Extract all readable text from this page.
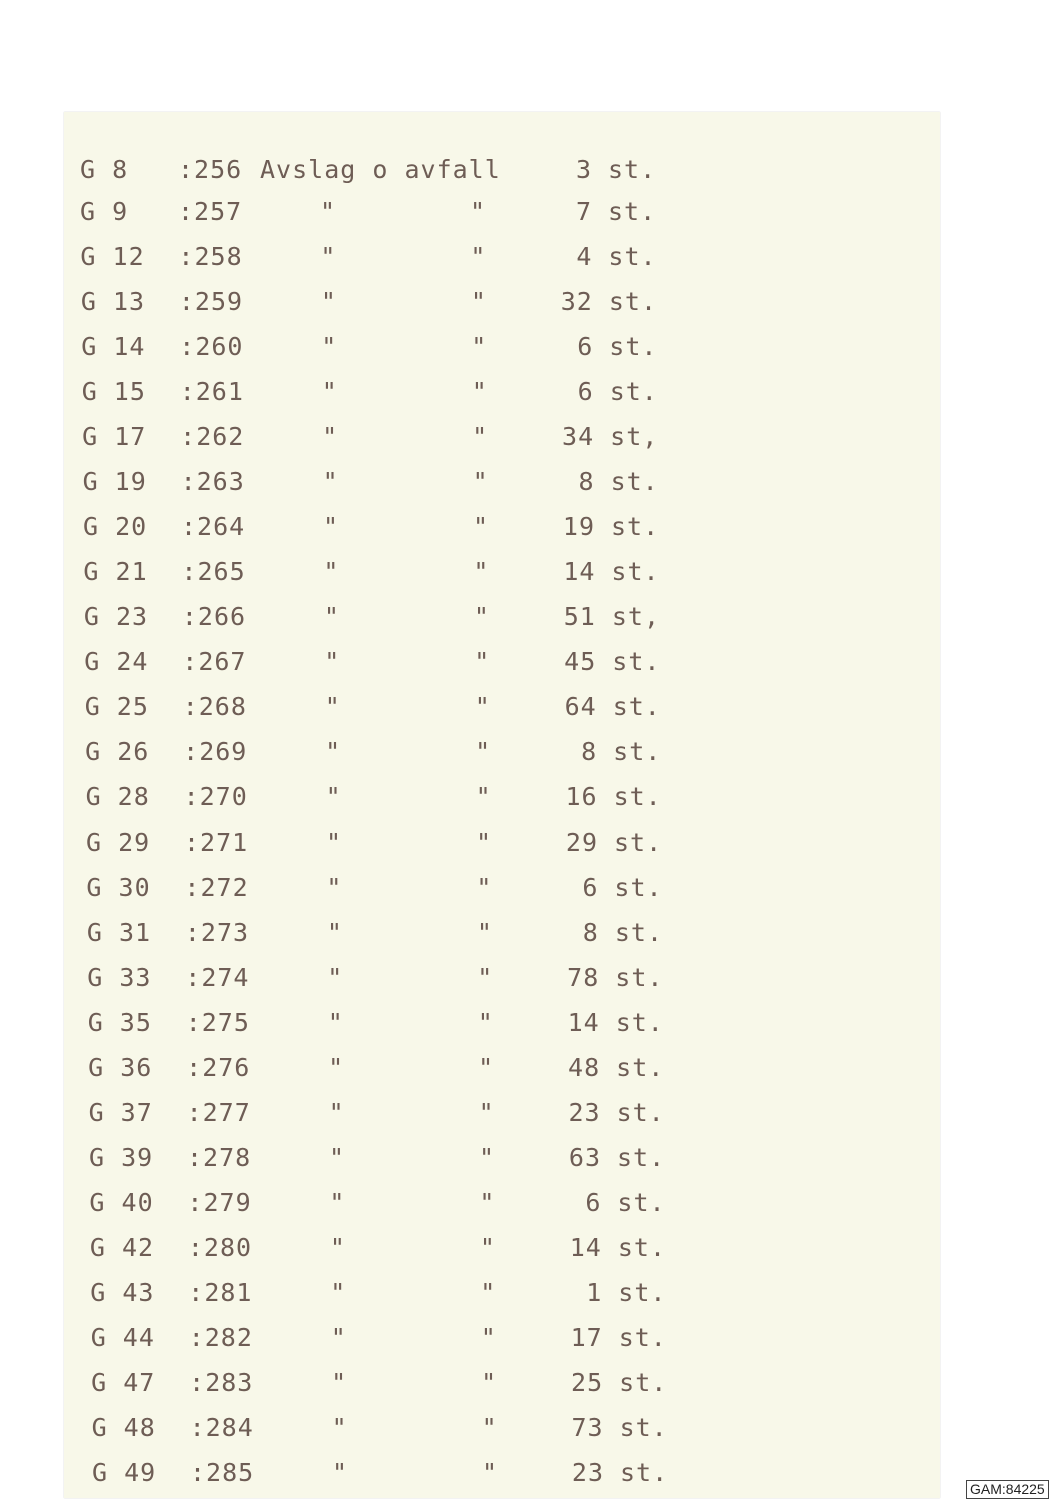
G 8 :256 Avslag o avfall	3 st.
G 9 :257	"	"	7 st.
G 12 :258	"	"	4 st.
G 13 :259	"	"	32 st.
G 14 :260	"	"	6 st.
G 15 :261	"	"	6 st.
G 17 :262	"	"	34 st,
G 19 :263	"	"	8 st.
G 20 :264	"	"	19 st.
G 21 :265	"	"	14 st.
G 23 :266	"	"	51 st,
G 24 :267	"	"	45 st.
G 25 :268	"	"	64 st.
G 26 :269	"	"	8 st.
G 28 :270	"	"	16 st.
G 29 :271	"	"	29 st.
G 30 :272	"	"	6 st.
G 31 :273	"	"	8 st.
G 33 :274	"	"	78 st.
G 35 :275	"	"	14 st.
G 36 :276	"	"	48 st.
G 37 :277	"	"	23 st.
G 39 :278	"	"	63 st.
G 40 :279	"	"	6 st.
G 42 :280	"	"	14 st.
G 43 :281	"	"	1 st.
G 44 :282	"	"	17 st.
G 47 :283	"	"	25 st.
G 48 :284	"	"	73 st.
G 49 :285	"	"	23 st.
GAM:84225
